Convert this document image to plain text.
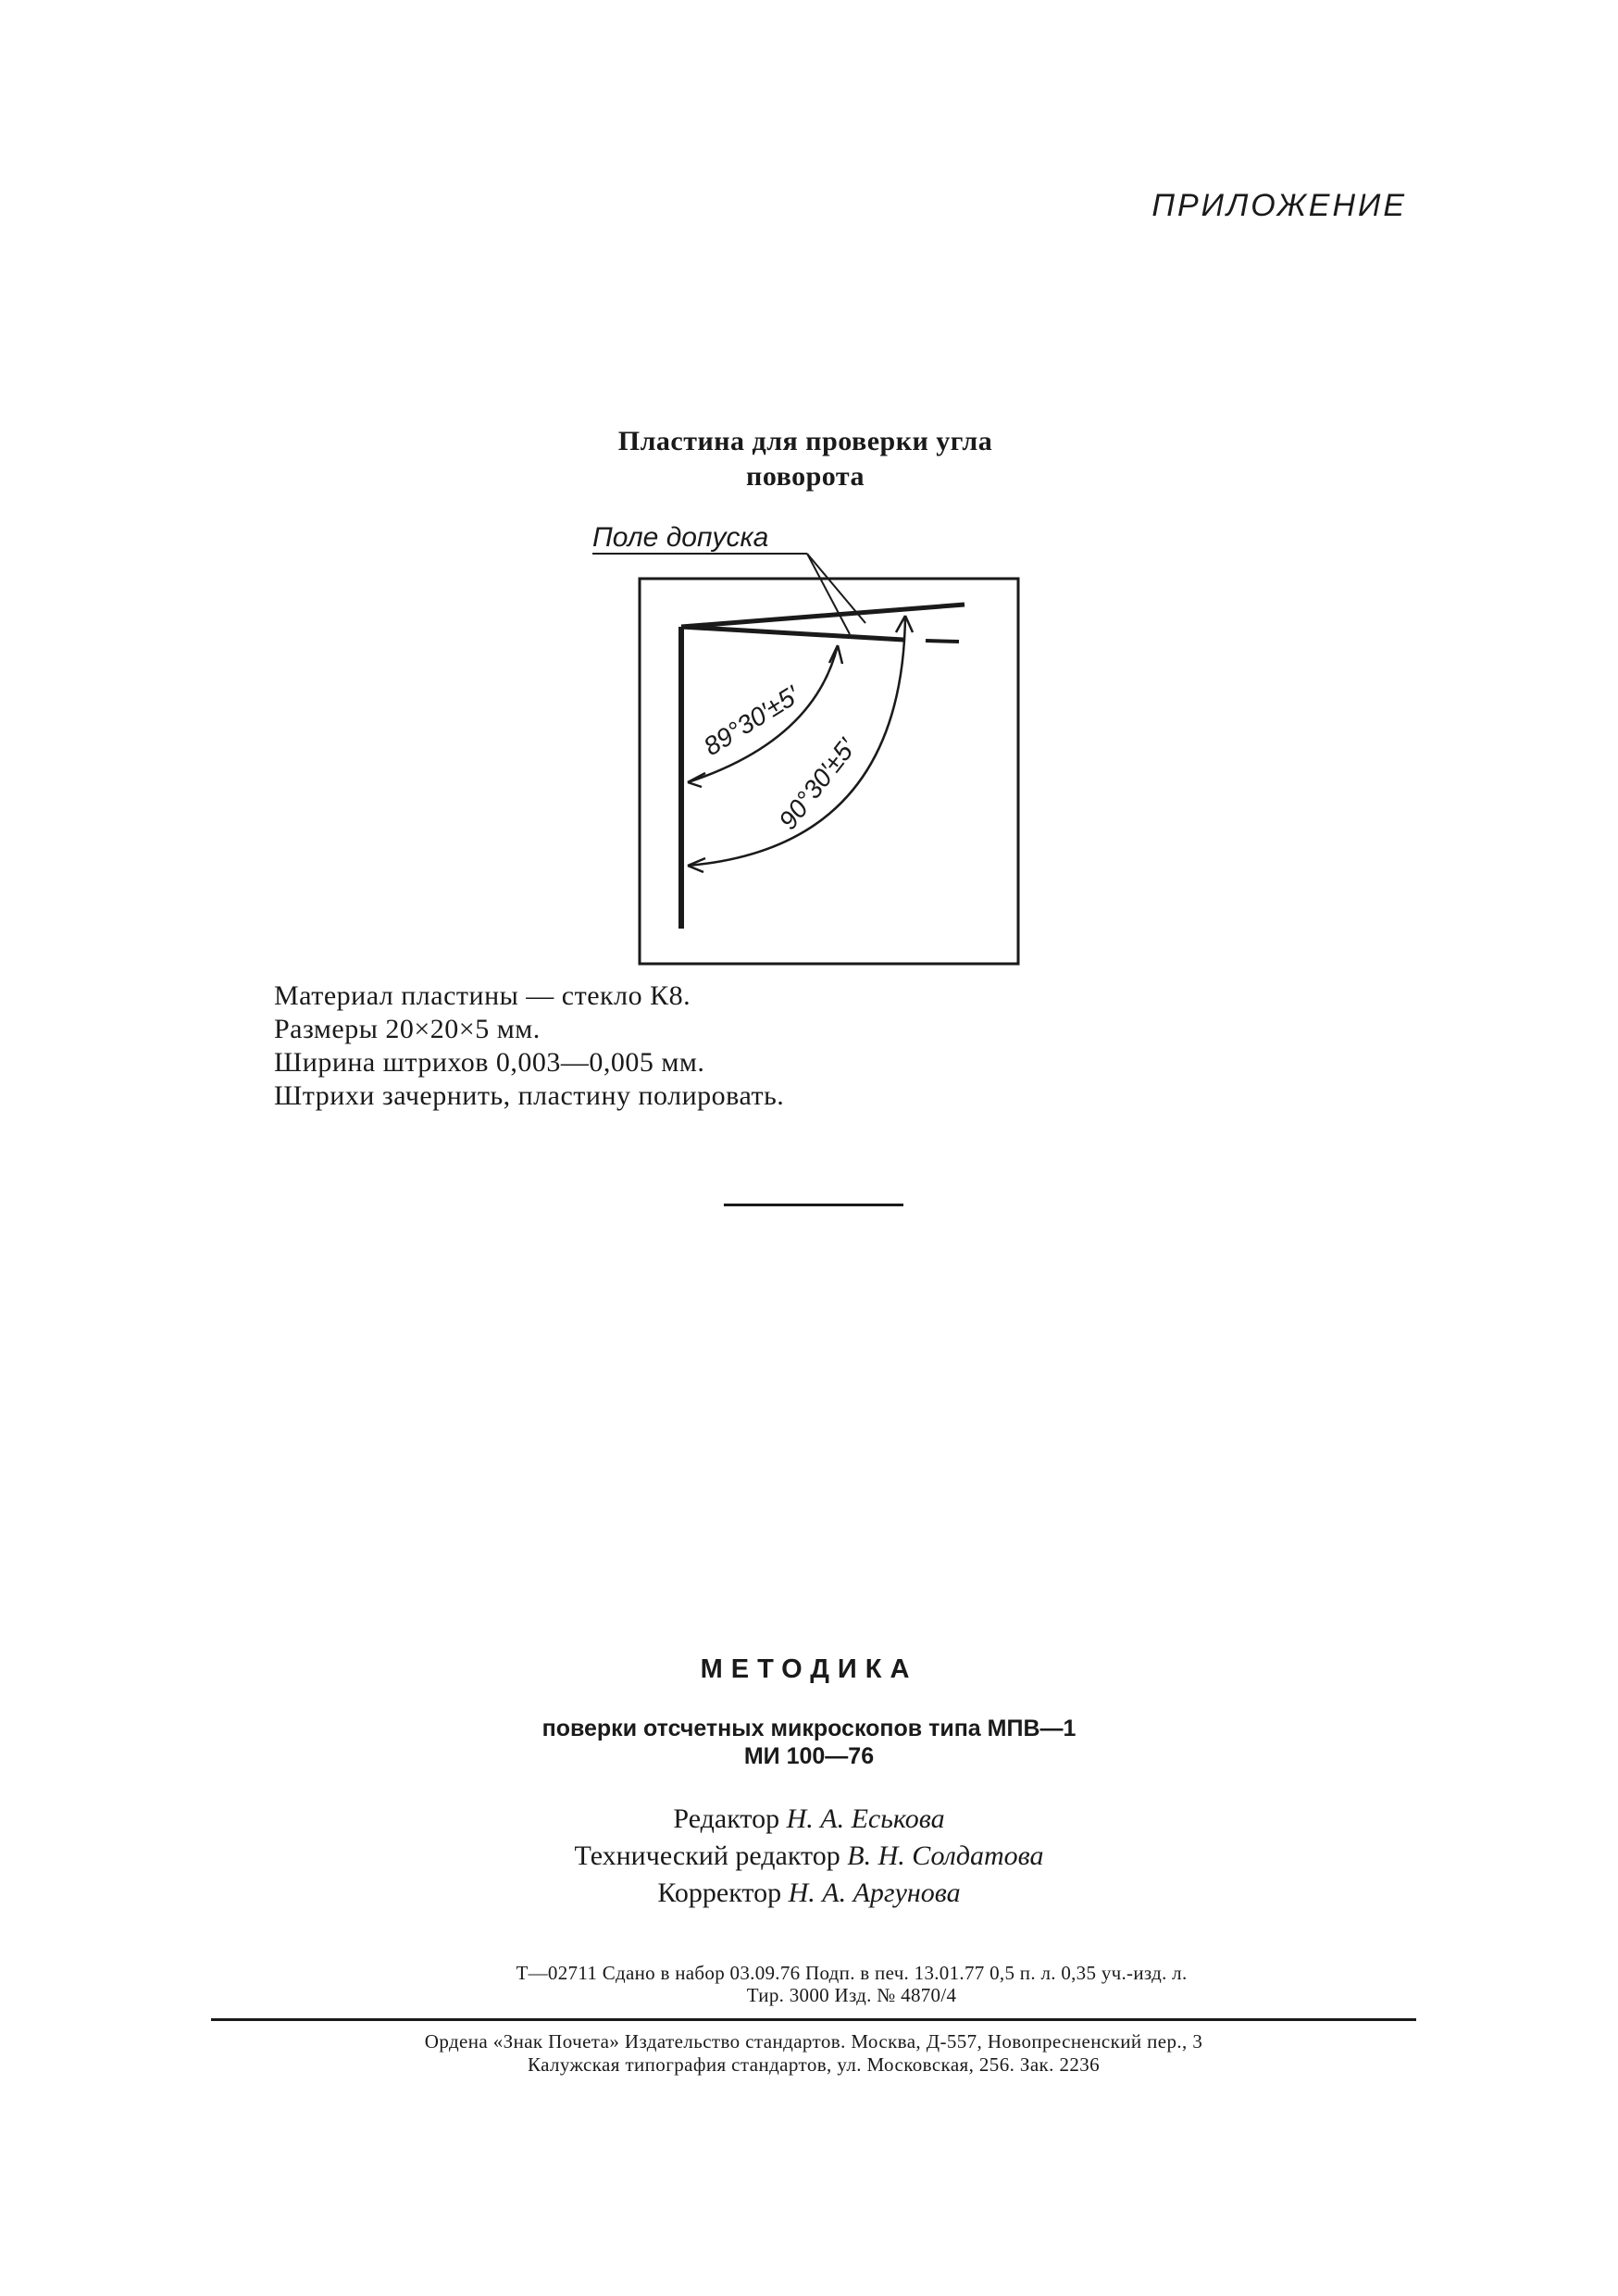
ПРИЛОЖЕНИЕ
Пластина для проверки угла
поворота
Поле допуска
89°30′±5′
90°30′±5′
Материал пластины — стекло К8.
Размеры 20×20×5 мм.
Ширина штрихов 0,003—0,005 мм.
Штрихи зачернить, пластину полировать.
МЕТОДИКА
поверки отсчетных микроскопов типа МПВ—1
МИ 100—76
Редактор Н. А. Еськова
Технический редактор В. Н. Солдатова
Корректор Н. А. Аргунова
Т—02711 Сдано в набор 03.09.76 Подп. в печ. 13.01.77 0,5 п. л. 0,35 уч.-изд. л.
Тир. 3000 Изд. № 4870/4
Ордена «Знак Почета» Издательство стандартов. Москва, Д-557, Новопресненский пер., 3
Калужская типография стандартов, ул. Московская, 256. Зак. 2236
